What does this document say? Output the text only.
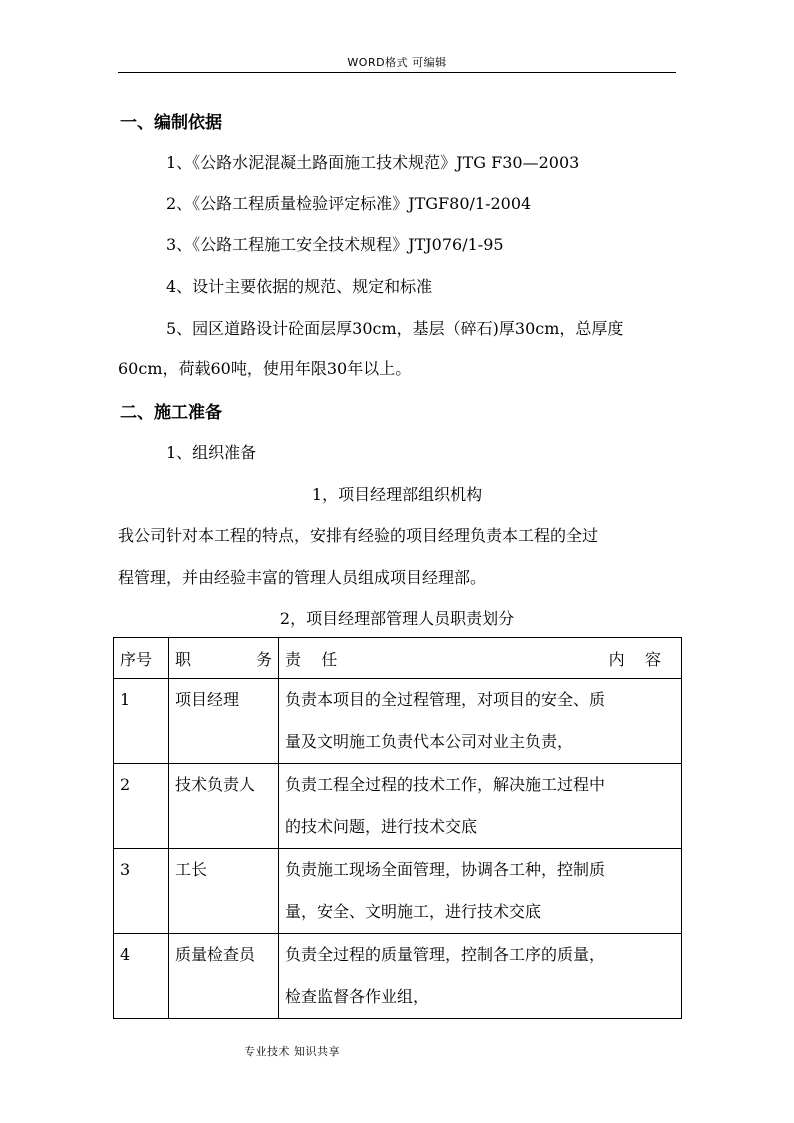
WORD格式 可编辑
一、编制依据
1、《公路水泥混凝土路面施工技术规范》JTG F30—2003
2、《公路工程质量检验评定标准》JTGF80/1-2004
3、《公路工程施工安全技术规程》JTJ076/1-95
4、设计主要依据的规范、规定和标准
5、园区道路设计砼面层厚30cm，基层（碎石)厚30cm，总厚度
60cm，荷载60吨，使用年限30年以上。
二、施工准备
1、组织准备
1，项目经理部组织机构
我公司针对本工程的特点，安排有经验的项目经理负责本工程的全过
程管理，并由经验丰富的管理人员组成项目经理部。
2，项目经理部管理人员职责划分
序号	职 务	责 任 内 容

1	项目经理	负责本项目的全过程管理，对项目的安全、质
量及文明施工负责代本公司对业主负责，

2	技术负责人	负责工程全过程的技术工作，解决施工过程中
的技术问题，进行技术交底

3	工长	负责施工现场全面管理，协调各工种，控制质
量，安全、文明施工，进行技术交底

4	质量检查员	负责全过程的质量管理，控制各工序的质量，
检查监督各作业组，
专业技术 知识共享
